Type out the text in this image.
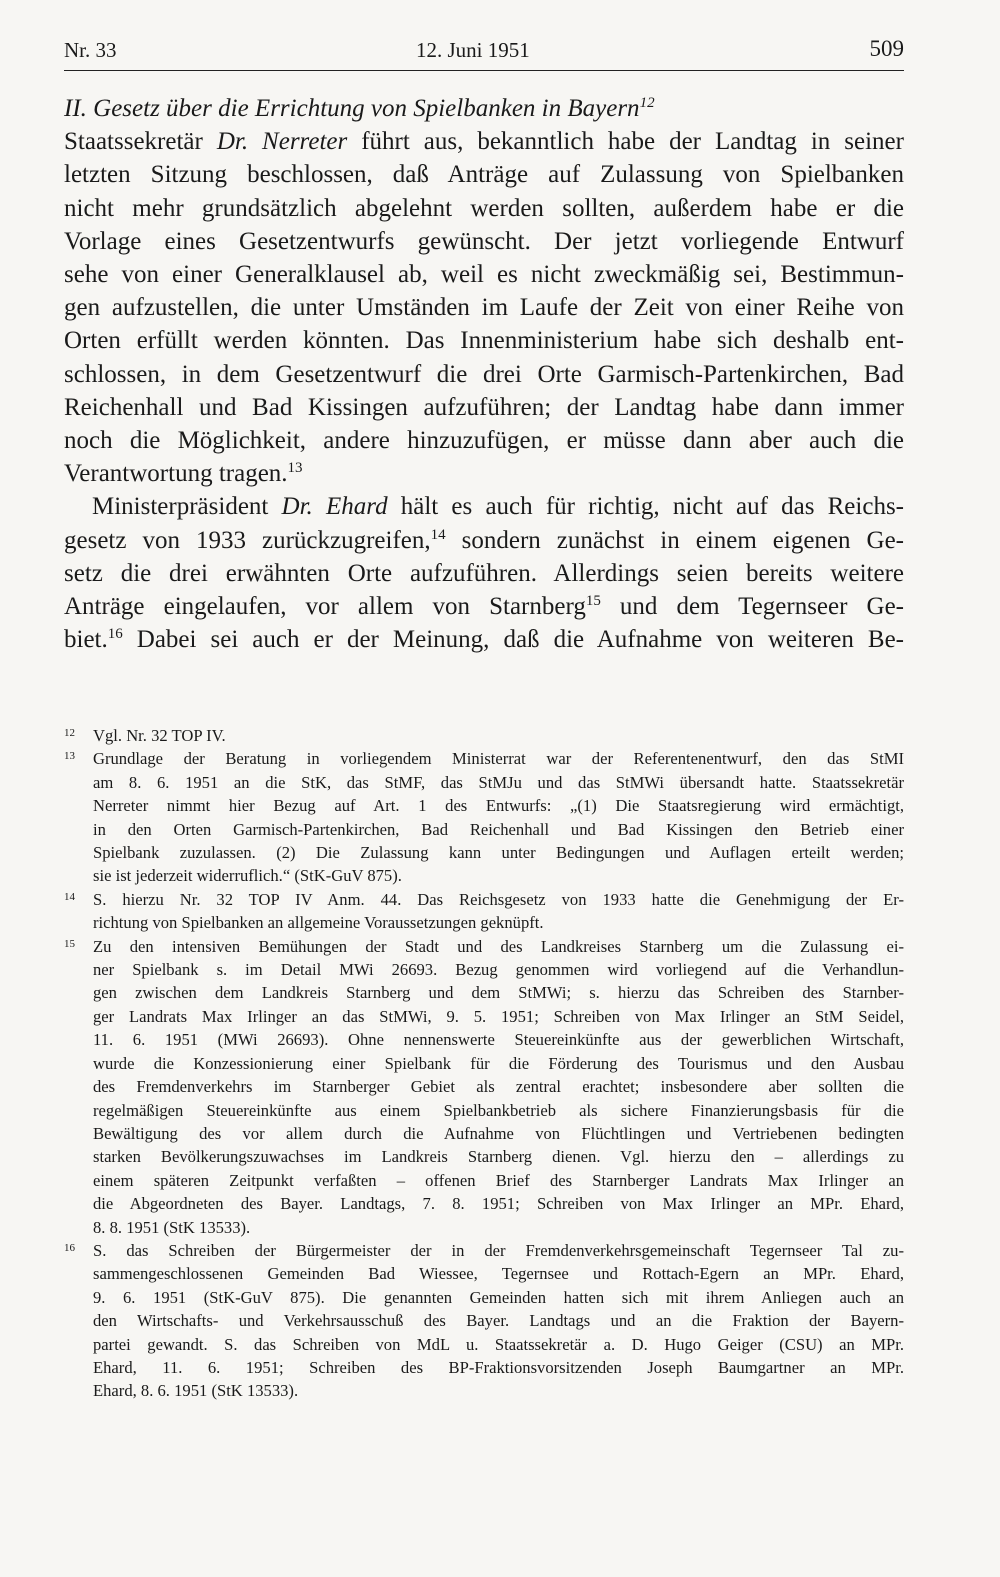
Nr. 33	12. Juni 1951	509
II. Gesetz über die Errichtung von Spielbanken in Bayern$^{12}$
Staatssekretär Dr. Nerreter führt aus, bekanntlich habe der Landtag in seiner
letzten Sitzung beschlossen, daß Anträge auf Zulassung von Spielbanken
nicht mehr grundsätzlich abgelehnt werden sollten, außerdem habe er die
Vorlage eines Gesetzentwurfs gewünscht. Der jetzt vorliegende Entwurf
sehe von einer Generalklausel ab, weil es nicht zweckmäßig sei, Bestimmun-
gen aufzustellen, die unter Umständen im Laufe der Zeit von einer Reihe von
Orten erfüllt werden könnten. Das Innenministerium habe sich deshalb ent-
schlossen, in dem Gesetzentwurf die drei Orte Garmisch-Partenkirchen, Bad
Reichenhall und Bad Kissingen aufzuführen; der Landtag habe dann immer
noch die Möglichkeit, andere hinzuzufügen, er müsse dann aber auch die
Verantwortung tragen.$^{13}$
Ministerpräsident Dr. Ehard hält es auch für richtig, nicht auf das Reichs-
gesetz von 1933 zurückzugreifen,$^{14}$ sondern zunächst in einem eigenen Ge-
setz die drei erwähnten Orte aufzuführen. Allerdings seien bereits weitere
Anträge eingelaufen, vor allem von Starnberg$^{15}$ und dem Tegernseer Ge-
biet.$^{16}$ Dabei sei auch er der Meinung, daß die Aufnahme von weiteren Be-
12 Vgl. Nr. 32 TOP IV.
13 Grundlage der Beratung in vorliegendem Ministerrat war der Referentenentwurf, den das StMI
am 8. 6. 1951 an die StK, das StMF, das StMJu und das StMWi übersandt hatte. Staatssekretär
Nerreter nimmt hier Bezug auf Art. 1 des Entwurfs: „(1) Die Staatsregierung wird ermächtigt,
in den Orten Garmisch-Partenkirchen, Bad Reichenhall und Bad Kissingen den Betrieb einer
Spielbank zuzulassen. (2) Die Zulassung kann unter Bedingungen und Auflagen erteilt werden;
sie ist jederzeit widerruflich.“ (StK-GuV 875).
14 S. hierzu Nr. 32 TOP IV Anm. 44. Das Reichsgesetz von 1933 hatte die Genehmigung der Er-
richtung von Spielbanken an allgemeine Voraussetzungen geknüpft.
15 Zu den intensiven Bemühungen der Stadt und des Landkreises Starnberg um die Zulassung ei-
ner Spielbank s. im Detail MWi 26693. Bezug genommen wird vorliegend auf die Verhandlun-
gen zwischen dem Landkreis Starnberg und dem StMWi; s. hierzu das Schreiben des Starnber-
ger Landrats Max Irlinger an das StMWi, 9. 5. 1951; Schreiben von Max Irlinger an StM Seidel,
11. 6. 1951 (MWi 26693). Ohne nennenswerte Steuereinkünfte aus der gewerblichen Wirtschaft,
wurde die Konzessionierung einer Spielbank für die Förderung des Tourismus und den Ausbau
des Fremdenverkehrs im Starnberger Gebiet als zentral erachtet; insbesondere aber sollten die
regelmäßigen Steuereinkünfte aus einem Spielbankbetrieb als sichere Finanzierungsbasis für die
Bewältigung des vor allem durch die Aufnahme von Flüchtlingen und Vertriebenen bedingten
starken Bevölkerungszuwachses im Landkreis Starnberg dienen. Vgl. hierzu den – allerdings zu
einem späteren Zeitpunkt verfaßten – offenen Brief des Starnberger Landrats Max Irlinger an
die Abgeordneten des Bayer. Landtags, 7. 8. 1951; Schreiben von Max Irlinger an MPr. Ehard,
8. 8. 1951 (StK 13533).
16 S. das Schreiben der Bürgermeister der in der Fremdenverkehrsgemeinschaft Tegernseer Tal zu-
sammengeschlossenen Gemeinden Bad Wiessee, Tegernsee und Rottach-Egern an MPr. Ehard,
9. 6. 1951 (StK-GuV 875). Die genannten Gemeinden hatten sich mit ihrem Anliegen auch an
den Wirtschafts- und Verkehrsausschuß des Bayer. Landtags und an die Fraktion der Bayern-
partei gewandt. S. das Schreiben von MdL u. Staatssekretär a. D. Hugo Geiger (CSU) an MPr.
Ehard, 11. 6. 1951; Schreiben des BP-Fraktionsvorsitzenden Joseph Baumgartner an MPr.
Ehard, 8. 6. 1951 (StK 13533).
